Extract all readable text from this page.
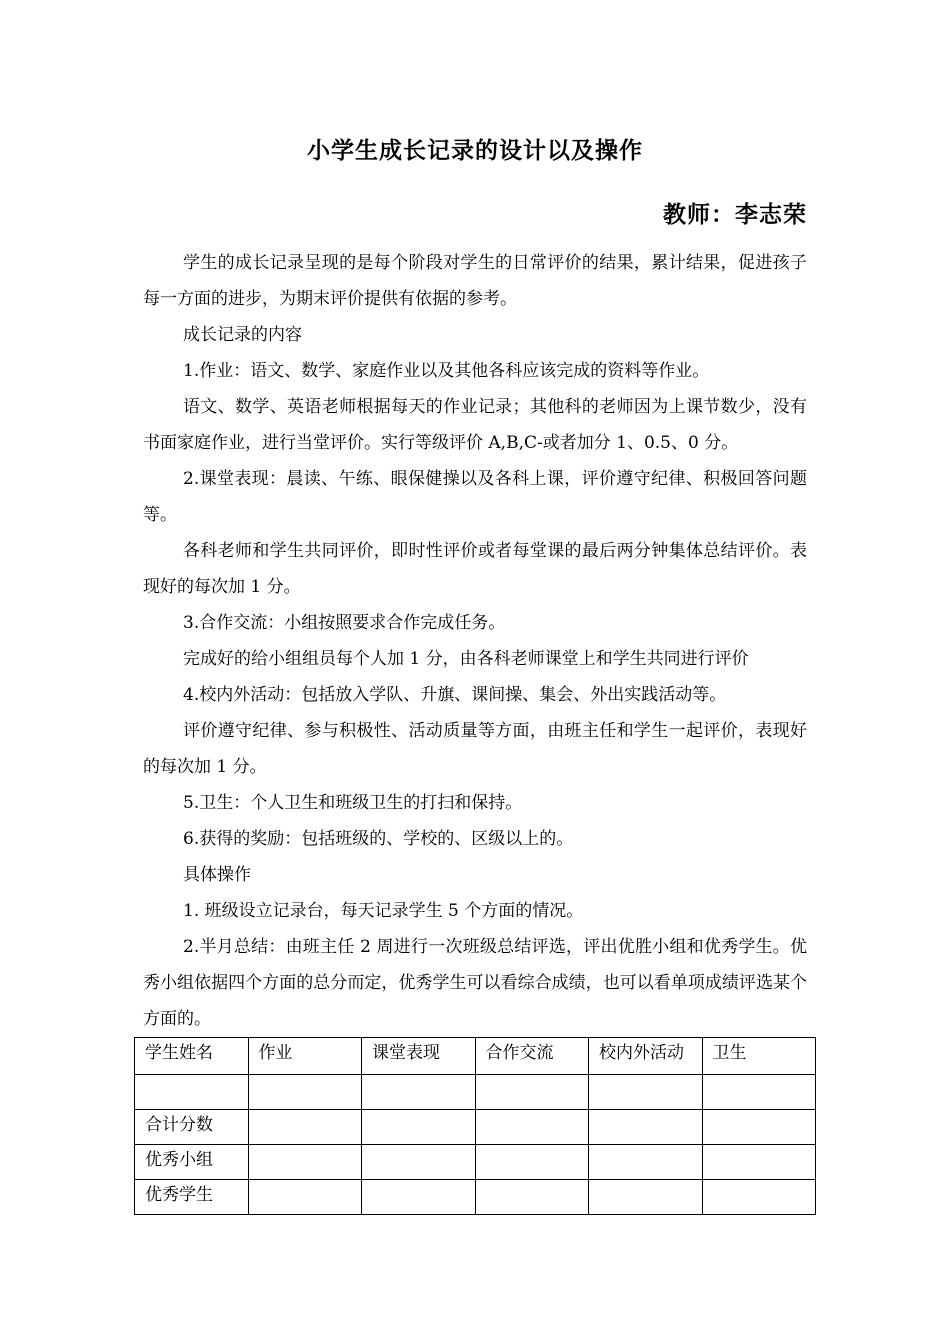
小学生成长记录的设计以及操作
教师：李志荣

学生的成长记录呈现的是每个阶段对学生的日常评价的结果，累计结果，促进孩子每一方面的进步，为期末评价提供有依据的参考。

成长记录的内容

1.作业：语文、数学、家庭作业以及其他各科应该完成的资料等作业。

语文、数学、英语老师根据每天的作业记录；其他科的老师因为上课节数少，没有书面家庭作业，进行当堂评价。实行等级评价 A,B,C-或者加分 1、0.5、0 分。

2.课堂表现：晨读、午练、眼保健操以及各科上课，评价遵守纪律、积极回答问题等。

各科老师和学生共同评价，即时性评价或者每堂课的最后两分钟集体总结评价。表现好的每次加 1 分。

3.合作交流：小组按照要求合作完成任务。

完成好的给小组组员每个人加 1 分，由各科老师课堂上和学生共同进行评价

4.校内外活动：包括放入学队、升旗、课间操、集会、外出实践活动等。

评价遵守纪律、参与积极性、活动质量等方面，由班主任和学生一起评价，表现好的每次加 1 分。

5.卫生：个人卫生和班级卫生的打扫和保持。

6.获得的奖励：包括班级的、学校的、区级以上的。

具体操作

1. 班级设立记录台，每天记录学生 5 个方面的情况。

2.半月总结：由班主任 2 周进行一次班级总结评选，评出优胜小组和优秀学生。优秀小组依据四个方面的总分而定，优秀学生可以看综合成绩，也可以看单项成绩评选某个方面的。

学生姓名	作业	课堂表现	合作交流	校内外活动	卫生

合计分数					
优秀小组					
优秀学生					
